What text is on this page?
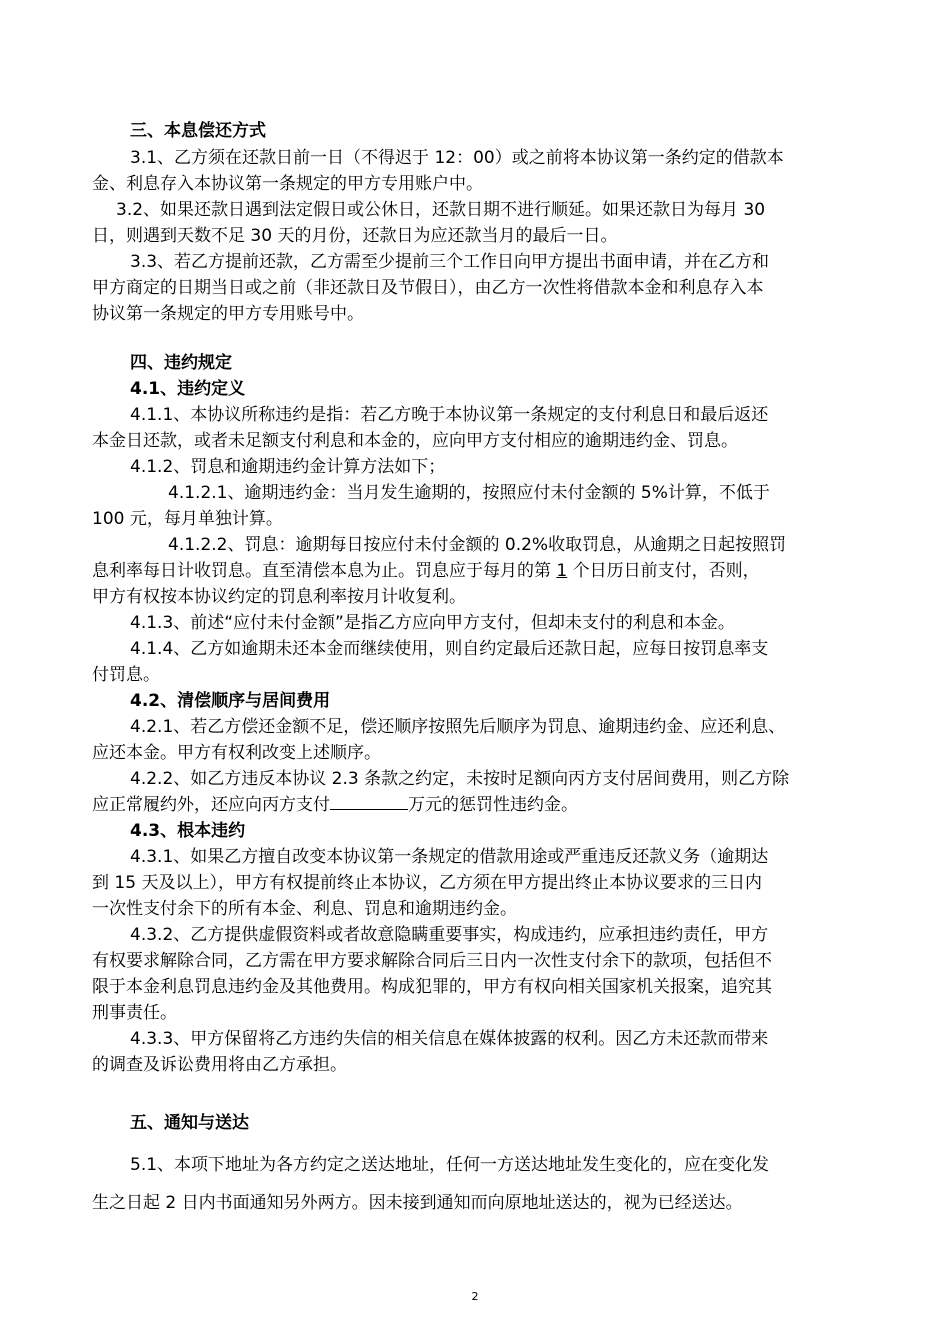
三、本息偿还方式
3.1、乙方须在还款日前一日（不得迟于 12：00）或之前将本协议第一条约定的借款本
金、利息存入本协议第一条规定的甲方专用账户中。
3.2、如果还款日遇到法定假日或公休日，还款日期不进行顺延。如果还款日为每月 30
日，则遇到天数不足 30 天的月份，还款日为应还款当月的最后一日。
3.3、若乙方提前还款，乙方需至少提前三个工作日向甲方提出书面申请，并在乙方和
甲方商定的日期当日或之前（非还款日及节假日），由乙方一次性将借款本金和利息存入本
协议第一条规定的甲方专用账号中。
四、违约规定
4.1、违约定义
4.1.1、本协议所称违约是指：若乙方晚于本协议第一条规定的支付利息日和最后返还
本金日还款，或者未足额支付利息和本金的，应向甲方支付相应的逾期违约金、罚息。
4.1.2、罚息和逾期违约金计算方法如下；
4.1.2.1、逾期违约金：当月发生逾期的，按照应付未付金额的 5%计算，不低于
100 元，每月单独计算。
4.1.2.2、罚息：逾期每日按应付未付金额的 0.2%收取罚息，从逾期之日起按照罚
息利率每日计收罚息。直至清偿本息为止。罚息应于每月的第 1 个日历日前支付，否则，
甲方有权按本协议约定的罚息利率按月计收复利。
4.1.3、前述“应付未付金额”是指乙方应向甲方支付，但却未支付的利息和本金。
4.1.4、乙方如逾期未还本金而继续使用，则自约定最后还款日起，应每日按罚息率支
付罚息。
4.2、清偿顺序与居间费用
4.2.1、若乙方偿还金额不足，偿还顺序按照先后顺序为罚息、逾期违约金、应还利息、
应还本金。甲方有权利改变上述顺序。
4.2.2、如乙方违反本协议 2.3 条款之约定，未按时足额向丙方支付居间费用，则乙方除
应正常履约外，还应向丙方支付	万元的惩罚性违约金。
4.3、根本违约
4.3.1、如果乙方擅自改变本协议第一条规定的借款用途或严重违反还款义务（逾期达
到 15 天及以上），甲方有权提前终止本协议，乙方须在甲方提出终止本协议要求的三日内
一次性支付余下的所有本金、利息、罚息和逾期违约金。
4.3.2、乙方提供虚假资料或者故意隐瞒重要事实，构成违约，应承担违约责任，甲方
有权要求解除合同，乙方需在甲方要求解除合同后三日内一次性支付余下的款项，包括但不
限于本金利息罚息违约金及其他费用。构成犯罪的，甲方有权向相关国家机关报案，追究其
刑事责任。
4.3.3、甲方保留将乙方违约失信的相关信息在媒体披露的权利。因乙方未还款而带来
的调查及诉讼费用将由乙方承担。
五、通知与送达
5.1、本项下地址为各方约定之送达地址，任何一方送达地址发生变化的，应在变化发
生之日起 2 日内书面通知另外两方。因未接到通知而向原地址送达的，视为已经送达。
2
